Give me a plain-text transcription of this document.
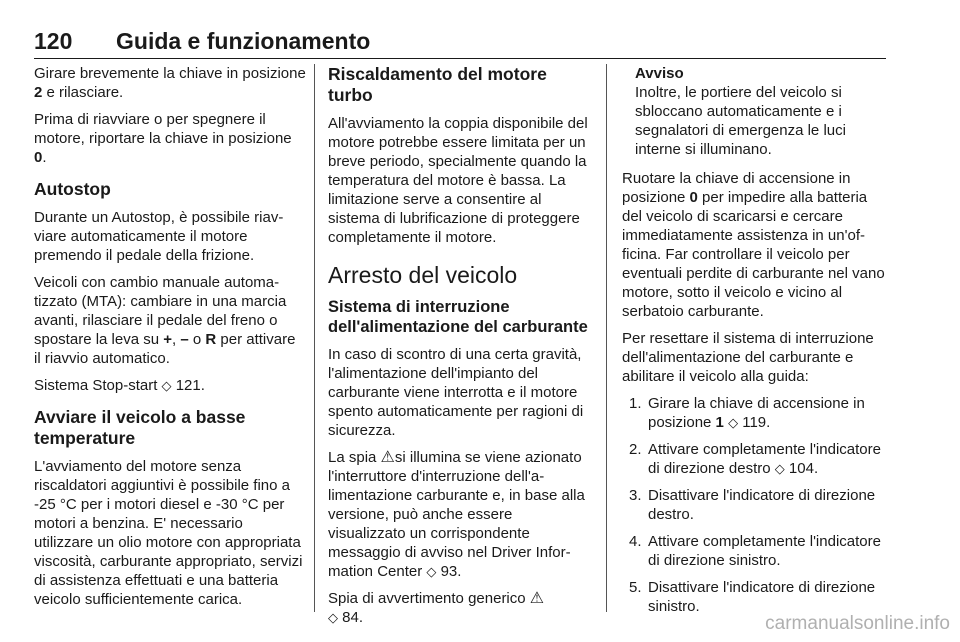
120 Guida e funzionamento

Girare brevemente la chiave in posizione 2 e rilasciare.

Prima di riavviare o per spegnere il motore, riportare la chiave in posizione 0.

Autostop

Durante un Autostop, è possibile riavviare automaticamente il motore premendo il pedale della frizione.

Veicoli con cambio manuale automatizzato (MTA): cambiare in una marcia avanti, rilasciare il pedale del freno o spostare la leva su +, – o R per attivare il riavvio automatico.

Sistema Stop-start ◇ 121.

Avviare il veicolo a basse temperature

L'avviamento del motore senza riscaldatori aggiuntivi è possibile fino a -25 °C per i motori diesel e -30 °C per motori a benzina. E' necessario utilizzare un olio motore con appropriata viscosità, carburante appropriato, servizi di assistenza effettuati e una batteria veicolo sufficientemente carica.

Riscaldamento del motore turbo

All'avviamento la coppia disponibile del motore potrebbe essere limitata per un breve periodo, specialmente quando la temperatura del motore è bassa. La limitazione serve a consentire al sistema di lubrificazione di proteggere completamente il motore.

Arresto del veicolo
Sistema di interruzione dell'alimentazione del carburante

In caso di scontro di una certa gravità, l'alimentazione dell'impianto del carburante viene interrotta e il motore spento automaticamente per ragioni di sicurezza.

La spia ⚠si illumina se viene azionato l'interruttore d'interruzione dell'alimentazione carburante e, in base alla versione, può anche essere visualizzato un corrispondente messaggio di avviso nel Driver Information Center ◇ 93.

Spia di avvertimento generico ⚠
◇ 84.

Avviso
Inoltre, le portiere del veicolo si sbloccano automaticamente e i segnalatori di emergenza le luci interne si illuminano.

Ruotare la chiave di accensione in posizione 0 per impedire alla batteria del veicolo di scaricarsi e cercare immediatamente assistenza in un'officina. Far controllare il veicolo per eventuali perdite di carburante nel vano motore, sotto il veicolo e vicino al serbatoio carburante.

Per resettare il sistema di interruzione dell'alimentazione del carburante e abilitare il veicolo alla guida:

1. Girare la chiave di accensione in posizione 1 ◇ 119.
2. Attivare completamente l'indicatore di direzione destro ◇ 104.
3. Disattivare l'indicatore di direzione destro.
4. Attivare completamente l'indicatore di direzione sinistro.
5. Disattivare l'indicatore di direzione sinistro.
carmanualsonline.info
